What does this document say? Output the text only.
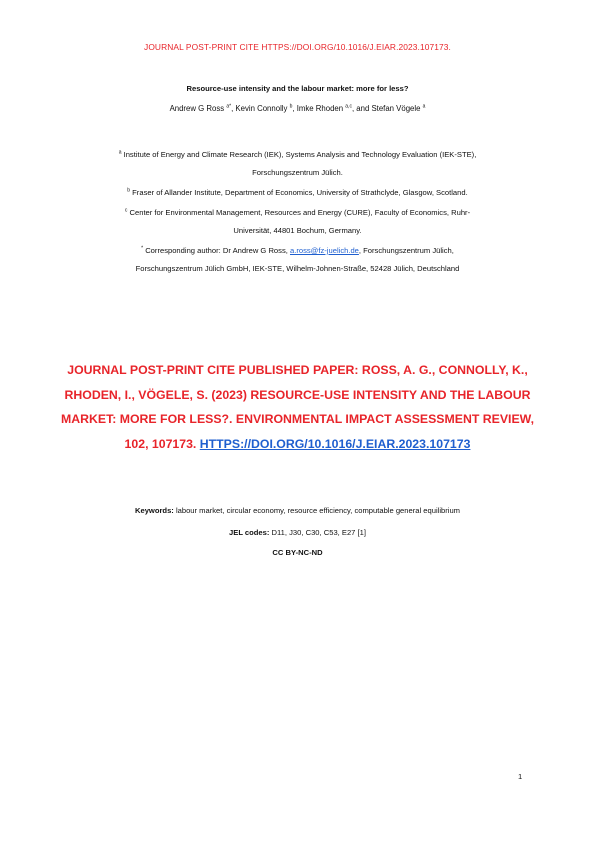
JOURNAL POST-PRINT CITE HTTPS://DOI.ORG/10.1016/J.EIAR.2023.107173.
Resource-use intensity and the labour market: more for less?
Andrew G Ross $^{a*}$, Kevin Connolly $^b$, Imke Rhoden $^{a,c}$, and Stefan Vögele $^a$
$^a$ Institute of Energy and Climate Research (IEK), Systems Analysis and Technology Evaluation (IEK-STE),
Forschungszentrum Jülich.
$^b$ Fraser of Allander Institute, Department of Economics, University of Strathclyde, Glasgow, Scotland.
$^c$ Center for Environmental Management, Resources and Energy (CURE), Faculty of Economics, Ruhr-
Universität, 44801 Bochum, Germany.
* Corresponding author: Dr Andrew G Ross, a.ross@fz-juelich.de, Forschungszentrum Jülich,
Forschungszentrum Jülich GmbH, IEK-STE, Wilhelm-Johnen-Straße, 52428 Jülich, Deutschland
JOURNAL POST-PRINT CITE PUBLISHED PAPER: ROSS, A. G., CONNOLLY, K., RHODEN, I., VÖGELE, S. (2023) RESOURCE-USE INTENSITY AND THE LABOUR MARKET: MORE FOR LESS?. ENVIRONMENTAL IMPACT ASSESSMENT REVIEW, 102, 107173. HTTPS://DOI.ORG/10.1016/J.EIAR.2023.107173
Keywords: labour market, circular economy, resource efficiency, computable general equilibrium
JEL codes: D11, J30, C30, C53, E27 [1]
CC BY-NC-ND
1
